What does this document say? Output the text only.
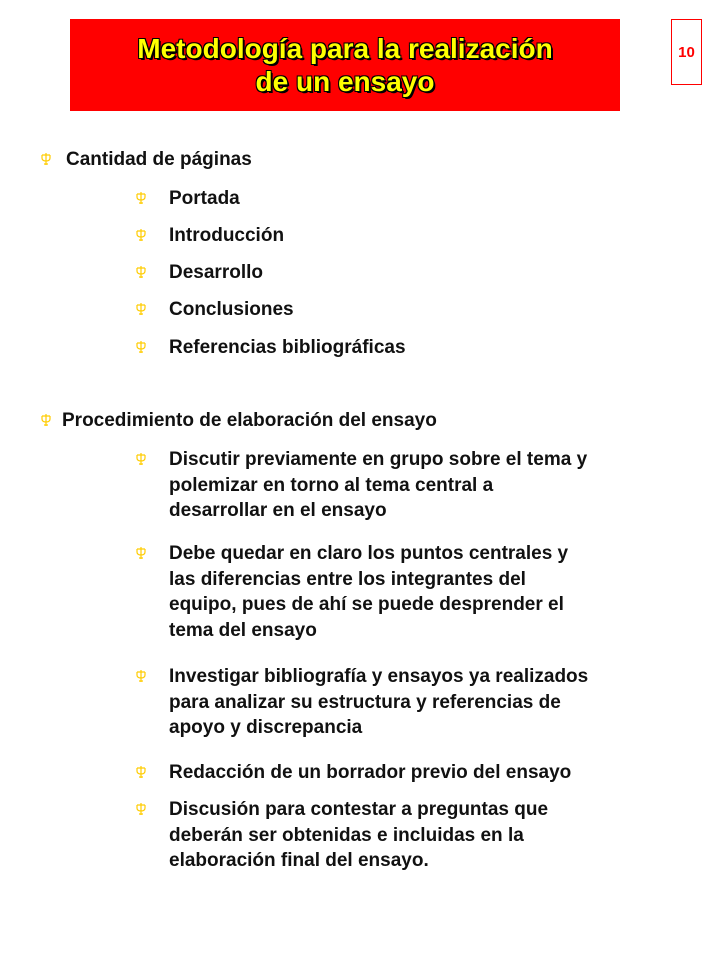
Metodología para la realización
de un ensayo
10
Cantidad de páginas
Portada
Introducción
Desarrollo
Conclusiones
Referencias bibliográficas
Procedimiento de elaboración del ensayo
Discutir previamente en grupo sobre el tema y
polemizar en torno al tema central a
desarrollar en el ensayo
Debe quedar en claro los puntos centrales y
las diferencias entre los integrantes del
equipo, pues de ahí se puede desprender el
tema del ensayo
Investigar bibliografía y ensayos ya realizados
para analizar su estructura y referencias de
apoyo y discrepancia
Redacción de un borrador previo del ensayo
Discusión para contestar a preguntas que
deberán ser obtenidas e incluidas en la
elaboración final del ensayo.
